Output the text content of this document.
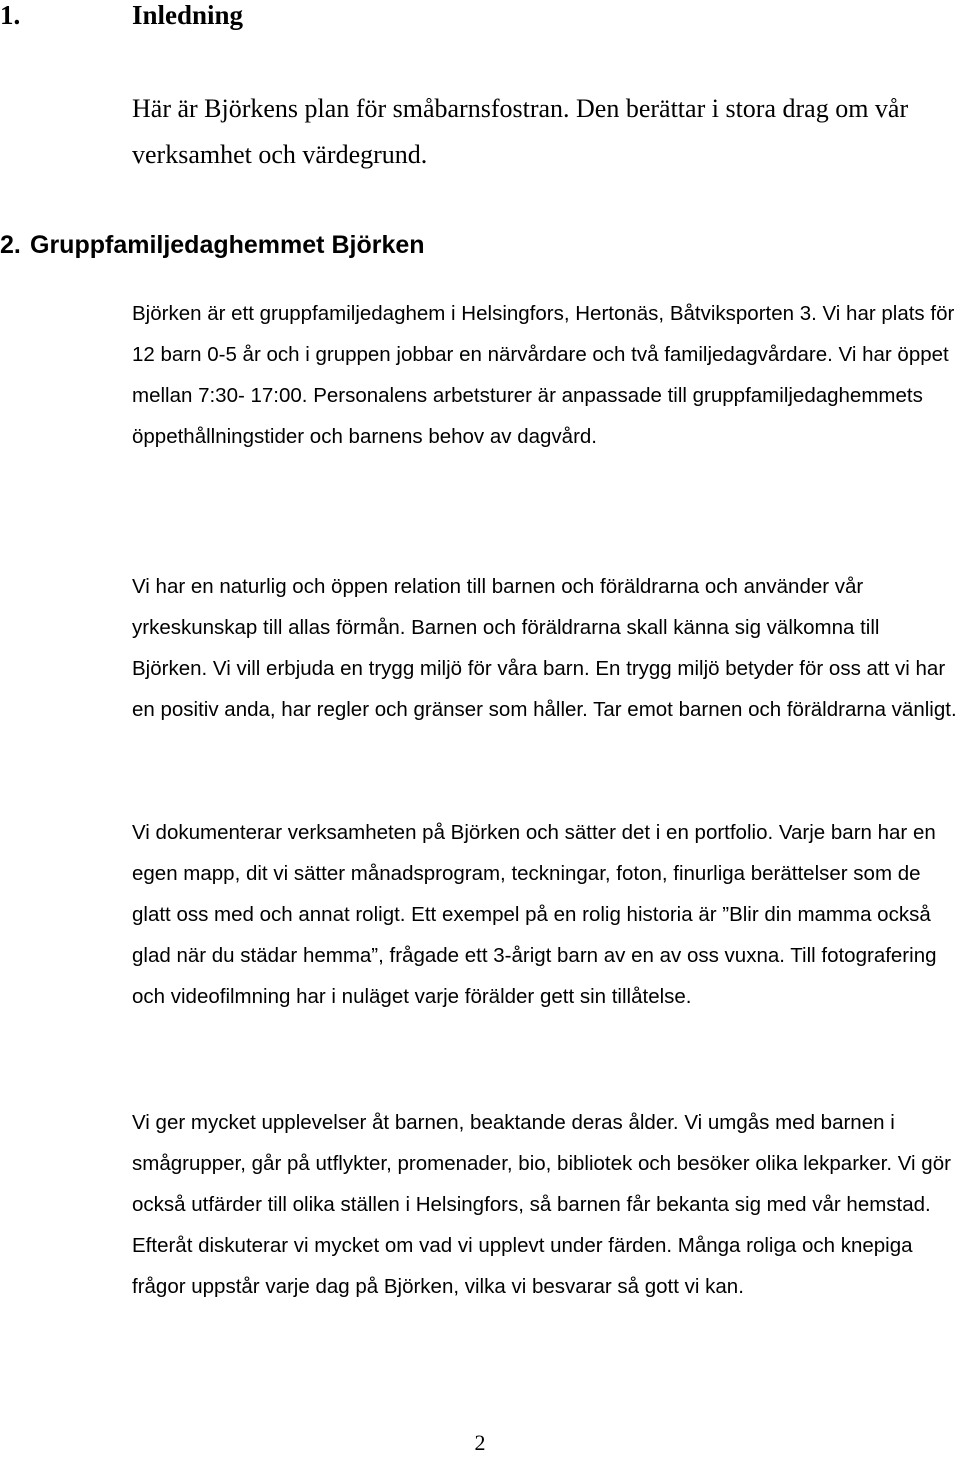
1.	Inledning

Här är Björkens plan för småbarnsfostran. Den berättar i stora drag om vår verksamhet och värdegrund.

2. Gruppfamiljedaghemmet Björken

Björken är ett gruppfamiljedaghem i Helsingfors, Hertonäs, Båtviksporten 3. Vi har plats för 12 barn 0-5 år och i gruppen jobbar en närvårdare och två familjedagvårdare. Vi har öppet mellan 7:30- 17:00. Personalens arbetsturer är anpassade till gruppfamiljedaghemmets öppethållningstider och barnens behov av dagvård.

Vi har en naturlig och öppen relation till barnen och föräldrarna och använder vår yrkeskunskap till allas förmån. Barnen och föräldrarna skall känna sig välkomna till Björken. Vi vill erbjuda en trygg miljö för våra barn. En trygg miljö betyder för oss att vi har en positiv anda, har regler och gränser som håller. Tar emot barnen och föräldrarna vänligt.

Vi dokumenterar verksamheten på Björken och sätter det i en portfolio. Varje barn har en egen mapp, dit vi sätter månadsprogram, teckningar, foton, finurliga berättelser som de glatt oss med och annat roligt. Ett exempel på en rolig historia är ”Blir din mamma också glad när du städar hemma”, frågade ett 3-årigt barn av en av oss vuxna. Till fotografering och videofilmning har i nuläget varje förälder gett sin tillåtelse.

Vi ger mycket upplevelser åt barnen, beaktande deras ålder. Vi umgås med barnen i smågrupper, går på utflykter, promenader, bio, bibliotek och besöker olika lekparker. Vi gör också utfärder till olika ställen i Helsingfors, så barnen får bekanta sig med vår hemstad. Efteråt diskuterar vi mycket om vad vi upplevt under färden. Många roliga och knepiga frågor uppstår varje dag på Björken, vilka vi besvarar så gott vi kan.

2
